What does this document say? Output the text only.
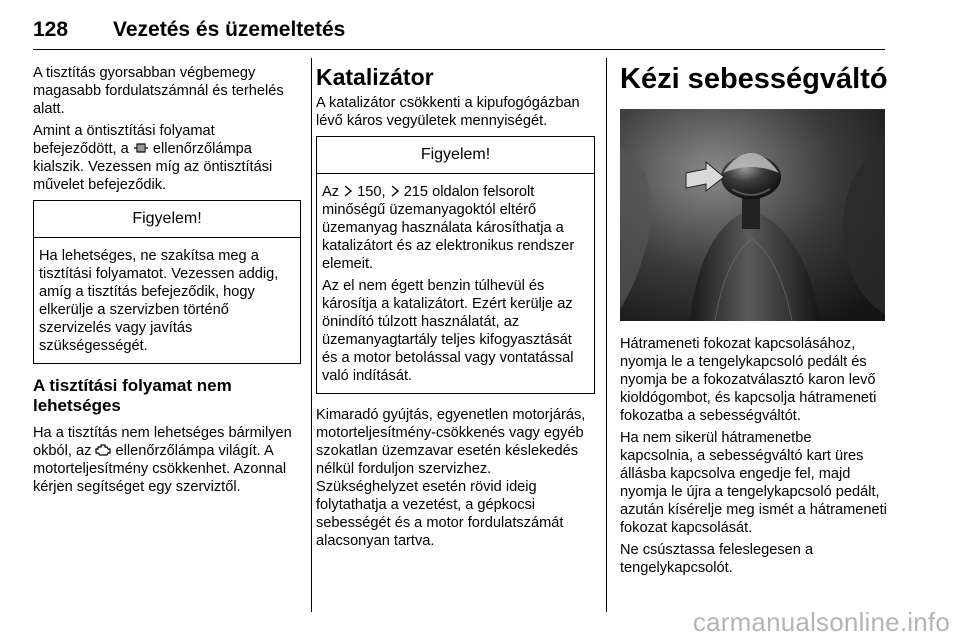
128 Vezetés és üzemeltetés

A tisztítás gyorsabban végbemegy magasabb fordulatszámnál és terhelés alatt.

Amint a öntisztítási folyamat befejeződött, a  ellenőrzőlámpa kialszik. Vezessen míg az öntisztítási művelet befejeződik.

Figyelem!

Ha lehetséges, ne szakítsa meg a tisztítási folyamatot. Vezessen addig, amíg a tisztítás befejeződik, hogy elkerülje a szervizben történő szervizelés vagy javítás szükségességét.

A tisztítási folyamat nem lehetséges

Ha a tisztítás nem lehetséges bármilyen okból, az  ellenőrzőlámpa világít. A motorteljesítmény csökkenhet. Azonnal kérjen segítséget egy szerviztől.

Katalizátor

A katalizátor csökkenti a kipufogógázban lévő káros vegyületek mennyiségét.

Figyelem!

Az  150,  215 oldalon felsorolt minőségű üzemanyagoktól eltérő üzemanyag használata károsíthatja a katalizátort és az elektronikus rendszer elemeit.

Az el nem égett benzin túlhevül és károsítja a katalizátort. Ezért kerülje az önindító túlzott használatát, az üzemanyagtartály teljes kifogyasztását és a motor betolással vagy vontatással való indítását.

Kimaradó gyújtás, egyenetlen motorjárás, motorteljesítmény-csökkenés vagy egyéb szokatlan üzemzavar esetén késlekedés nélkül forduljon szervizhez. Szükséghelyzet esetén rövid ideig folytathatja a vezetést, a gépkocsi sebességét és a motor fordulatszámát alacsonyan tartva.

Kézi sebességváltó

Hátrameneti fokozat kapcsolásához, nyomja le a tengelykapcsoló pedált és nyomja be a fokozatválasztó karon levő kioldógombot, és kapcsolja hátrameneti fokozatba a sebességváltót.

Ha nem sikerül hátramenetbe kapcsolnia, a sebességváltó kart üres állásba kapcsolva engedje fel, majd nyomja le újra a tengelykapcsoló pedált, azután kísérelje meg ismét a hátrameneti fokozat kapcsolását.

Ne csúsztassa feleslegesen a tengelykapcsolót.

carmanualsonline.info
